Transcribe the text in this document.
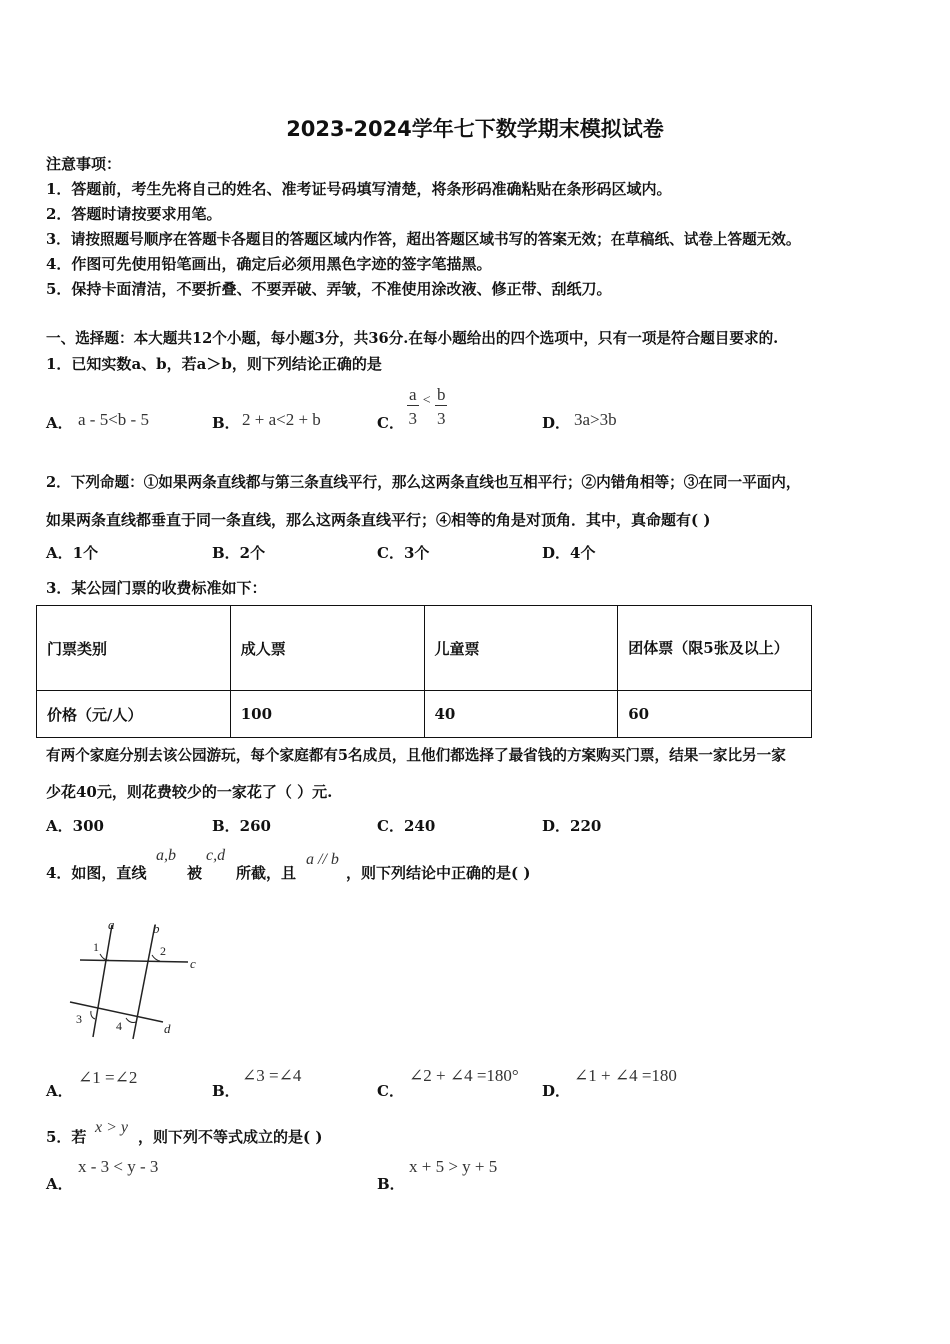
2023-2024学年七下数学期末模拟试卷
注意事项：
1．答题前，考生先将自己的姓名、准考证号码填写清楚，将条形码准确粘贴在条形码区域内。
2．答题时请按要求用笔。
3．请按照题号顺序在答题卡各题目的答题区域内作答，超出答题区域书写的答案无效；在草稿纸、试卷上答题无效。
4．作图可先使用铅笔画出，确定后必须用黑色字迹的签字笔描黑。
5．保持卡面清洁，不要折叠、不要弄破、弄皱，不准使用涂改液、修正带、刮纸刀。
一、选择题：本大题共12个小题，每小题3分，共36分.在每小题给出的四个选项中，只有一项是符合题目要求的.
1．已知实数a、b，若a＞b，则下列结论正确的是
A． a - 5<b - 5	B． 2 + a<2 + b	C． $\frac{a}{3} ^< \frac{b}{3}$	D． 3a>3b
2．下列命题：①如果两条直线都与第三条直线平行，那么这两条直线也互相平行；②内错角相等；③在同一平面内，
如果两条直线都垂直于同一条直线，那么这两条直线平行；④相等的角是对顶角．其中，真命题有( )
A．1个	B．2个	C．3个	D．4个
3．某公园门票的收费标准如下：
门票类别	成人票	儿童票	团体票（限5张及以上）
价格（元/人）	100	40	60
有两个家庭分别去该公园游玩，每个家庭都有5名成员，且他们都选择了最省钱的方案购买门票，结果一家比另一家
少花40元，则花费较少的一家花了（ ）元.
A．300	B．260	C．240	D．220
4．如图，直线
a,b
被
c,d
所截，且
a // b
，则下列结论中正确的是( )
a	b
c
d
1	2
3	4
A．
∠1 =∠2
B．
∠3 =∠4
C．
∠2 + ∠4 =180°
D．
∠1 + ∠4 =180
5．若
x > y
，则下列不等式成立的是( )
A．
x - 3 < y - 3
B．
x + 5 > y + 5
